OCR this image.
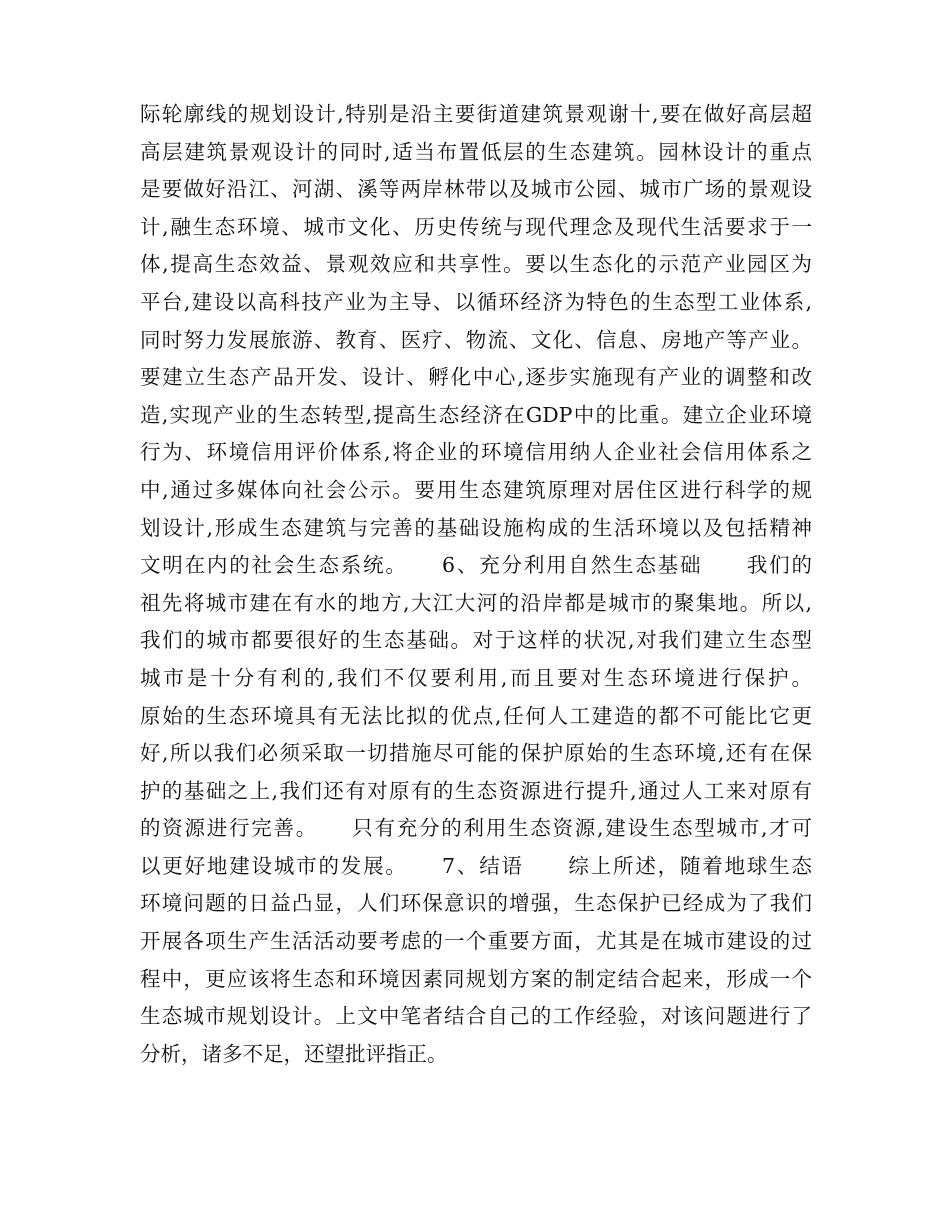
际轮廓线的规划设计,特别是沿主要街道建筑景观谢十,要在做好高层超
高层建筑景观设计的同时,适当布置低层的生态建筑。园林设计的重点
是要做好沿江、河湖、溪等两岸林带以及城市公园、城市广场的景观设
计,融生态环境、城市文化、历史传统与现代理念及现代生活要求于一
体,提高生态效益、景观效应和共享性。要以生态化的示范产业园区为
平台,建设以高科技产业为主导、以循环经济为特色的生态型工业体系,
同时努力发展旅游、教育、医疗、物流、文化、信息、房地产等产业。
要建立生态产品开发、设计、孵化中心,逐步实施现有产业的调整和改
造,实现产业的生态转型,提高生态经济在GDP中的比重。建立企业环境
行为、环境信用评价体系,将企业的环境信用纳人企业社会信用体系之
中,通过多媒体向社会公示。要用生态建筑原理对居住区进行科学的规
划设计,形成生态建筑与完善的基础设施构成的生活环境以及包括精神
文明在内的社会生态系统。　　6、充分利用自然生态基础　　我们的
祖先将城市建在有水的地方,大江大河的沿岸都是城市的聚集地。所以,
我们的城市都要很好的生态基础。对于这样的状况,对我们建立生态型
城市是十分有利的,我们不仅要利用,而且要对生态环境进行保护。
原始的生态环境具有无法比拟的优点,任何人工建造的都不可能比它更
好,所以我们必须采取一切措施尽可能的保护原始的生态环境,还有在保
护的基础之上,我们还有对原有的生态资源进行提升,通过人工来对原有
的资源进行完善。　　只有充分的利用生态资源,建设生态型城市,才可
以更好地建设城市的发展。　　7、结语　　综上所述，随着地球生态
环境问题的日益凸显，人们环保意识的增强，生态保护已经成为了我们
开展各项生产生活活动要考虑的一个重要方面，尤其是在城市建设的过
程中，更应该将生态和环境因素同规划方案的制定结合起来，形成一个
生态城市规划设计。上文中笔者结合自己的工作经验，对该问题进行了
分析，诸多不足，还望批评指正。
